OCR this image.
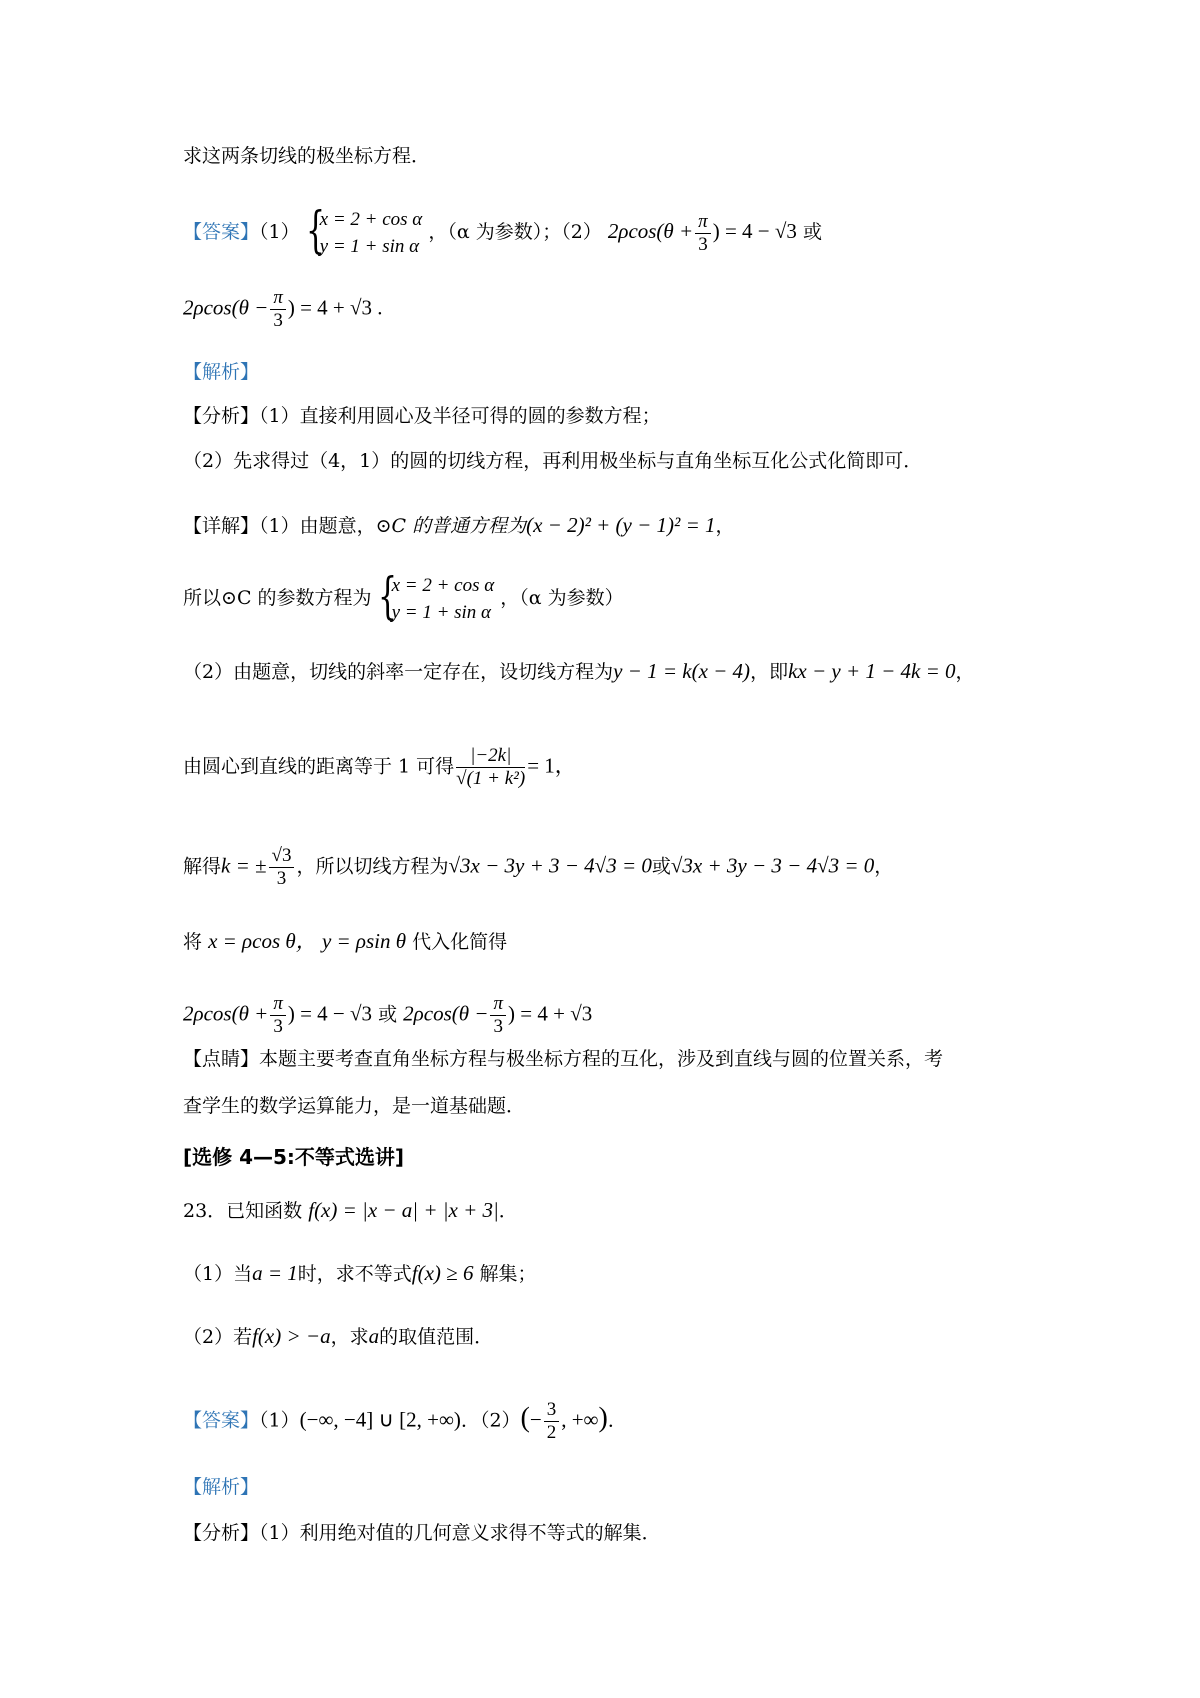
求这两条切线的极坐标方程．
【答案】（1）
{ x = 2 + cos α
y = 1 + sin α
，（α 为参数）；（2） $2\rho\cos(\theta + \frac{\pi}{3}$ ) = 4 − √3 或
$2\rho\cos(\theta - \frac{\pi}{3}$ ) = 4 + √3 .
【解析】
【分析】（1）直接利用圆心及半径可得的圆的参数方程；
（2）先求得过（4，1）的圆的切线方程，再利用极坐标与直角坐标互化公式化简即可．
【详解】（1）由题意，⊙C 的普通方程为(x − 2)² + (y − 1)² = 1，
所以⊙C 的参数方程为
{ x = 2 + cos α
y = 1 + sin α
，（α 为参数）
（2）由题意，切线的斜率一定存在，设切线方程为y − 1 = k(x − 4)，即kx − y + 1 − 4k = 0，
由圆心到直线的距离等于 1 可得 $\frac{|-2k|}{\text{√(1 + k²)}} = 1$，
解得k = ± $\frac{√3}{3}$ ，所以切线方程为√3x − 3y + 3 − 4√3 = 0或√3x + 3y − 3 − 4√3 = 0，
将 x = ρcos θ， y = ρsin θ 代入化简得
$2\rho\cos(\theta + \frac{\pi}{3}$ ) = 4 − √3 或 $2\rho\cos(\theta - \frac{\pi}{3}$ ) = 4 + √3
【点睛】本题主要考查直角坐标方程与极坐标方程的互化，涉及到直线与圆的位置关系，考
查学生的数学运算能力，是一道基础题．
[选修 4—5:不等式选讲]
23．已知函数 f(x) = |x − a| + |x + 3|．
（1）当a = 1时，求不等式f(x) ≥ 6 解集；
（2）若f(x) > −a，求a的取值范围．
【答案】（1）(−∞, −4] ∪ [2, +∞)．$(2)(- \frac{3}{2}$ , +∞)．
【解析】
【分析】（1）利用绝对值的几何意义求得不等式的解集．
